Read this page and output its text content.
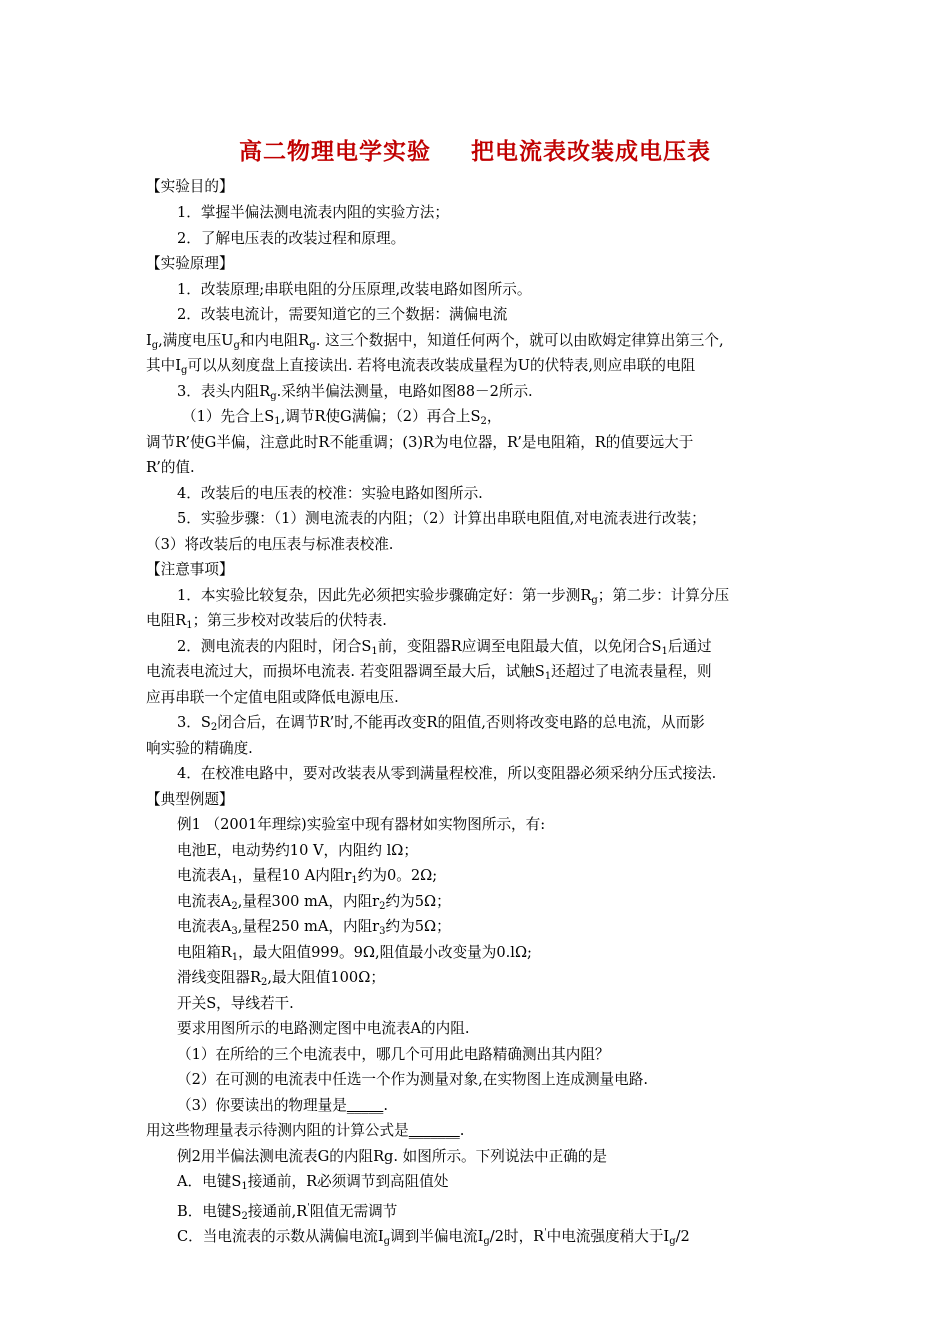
高二物理电学实验 把电流表改装成电压表
【实验目的】
1．掌握半偏法测电流表内阻的实验方法；
2．了解电压表的改装过程和原理。
【实验原理】
1．改装原理;串联电阻的分压原理,改装电路如图所示。
2．改装电流计，需要知道它的三个数据：满偏电流
$I_g$,满度电压$U_g$和内电阻$R_g$. 这三个数据中，知道任何两个，就可以由欧姆定律算出第三个,
其中$I_g$可以从刻度盘上直接读出. 若将电流表改装成量程为U的伏特表,则应串联的电阻
3．表头内阻$R_g$.采纳半偏法测量，电路如图88－2所示.
（1）先合上$S_1$,调节R使G满偏；（2）再合上$S_2$，
调节R’使G半偏，注意此时R不能重调；(3)R为电位器，R’是电阻箱，R的值要远大于
R’的值.
4．改装后的电压表的校准：实验电路如图所示.
5．实验步骤：（1）测电流表的内阻；（2）计算出串联电阻值,对电流表进行改装；
（3）将改装后的电压表与标准表校准.
【注意事项】
1．本实验比较复杂，因此先必须把实验步骤确定好：第一步测$R_g$；第二步：计算分压
电阻$R_1$；第三步校对改装后的伏特表.
2．测电流表的内阻时，闭合$S_1$前，变阻器R应调至电阻最大值，以免闭合$S_1$后通过
电流表电流过大，而损坏电流表. 若变阻器调至最大后，试触$S_1$还超过了电流表量程，则
应再串联一个定值电阻或降低电源电压.
3．$S_2$闭合后，在调节R’时,不能再改变R的阻值,否则将改变电路的总电流，从而影
响实验的精确度.
4．在校准电路中，要对改装表从零到满量程校准，所以变阻器必须采纳分压式接法.
【典型例题】
例1 （2001年理综)实验室中现有器材如实物图所示，有:
电池E，电动势约10 V，内阻约 lΩ；
电流表$A_1$，量程10 A内阻$r_1$约为0。2Ω;
电流表$A_2$,量程300 mA，内阻$r_2$约为5Ω；
电流表$A_3$,量程250 mA，内阻$r_3$约为5Ω；
电阻箱$R_1$，最大阻值999。9Ω,阻值最小改变量为0.lΩ;
滑线变阻器$R_2$,最大阻值100Ω；
开关S，导线若干.
要求用图所示的电路测定图中电流表A的内阻.
（1）在所给的三个电流表中，哪几个可用此电路精确测出其内阻？
（2）在可测的电流表中任选一个作为测量对象,在实物图上连成测量电路.
（3）你要读出的物理量是_____.
用这些物理量表示待测内阻的计算公式是_______.
例2用半偏法测电流表G的内阻Rg. 如图所示。下列说法中正确的是
A．电键$S_1$接通前，R必须调节到高阻值处
B．电键$S_2$接通前,R'阻值无需调节
C．当电流表的示数从满偏电流$I_g$调到半偏电流$I_g/2$时，R'中电流强度稍大于$I_g/2$
